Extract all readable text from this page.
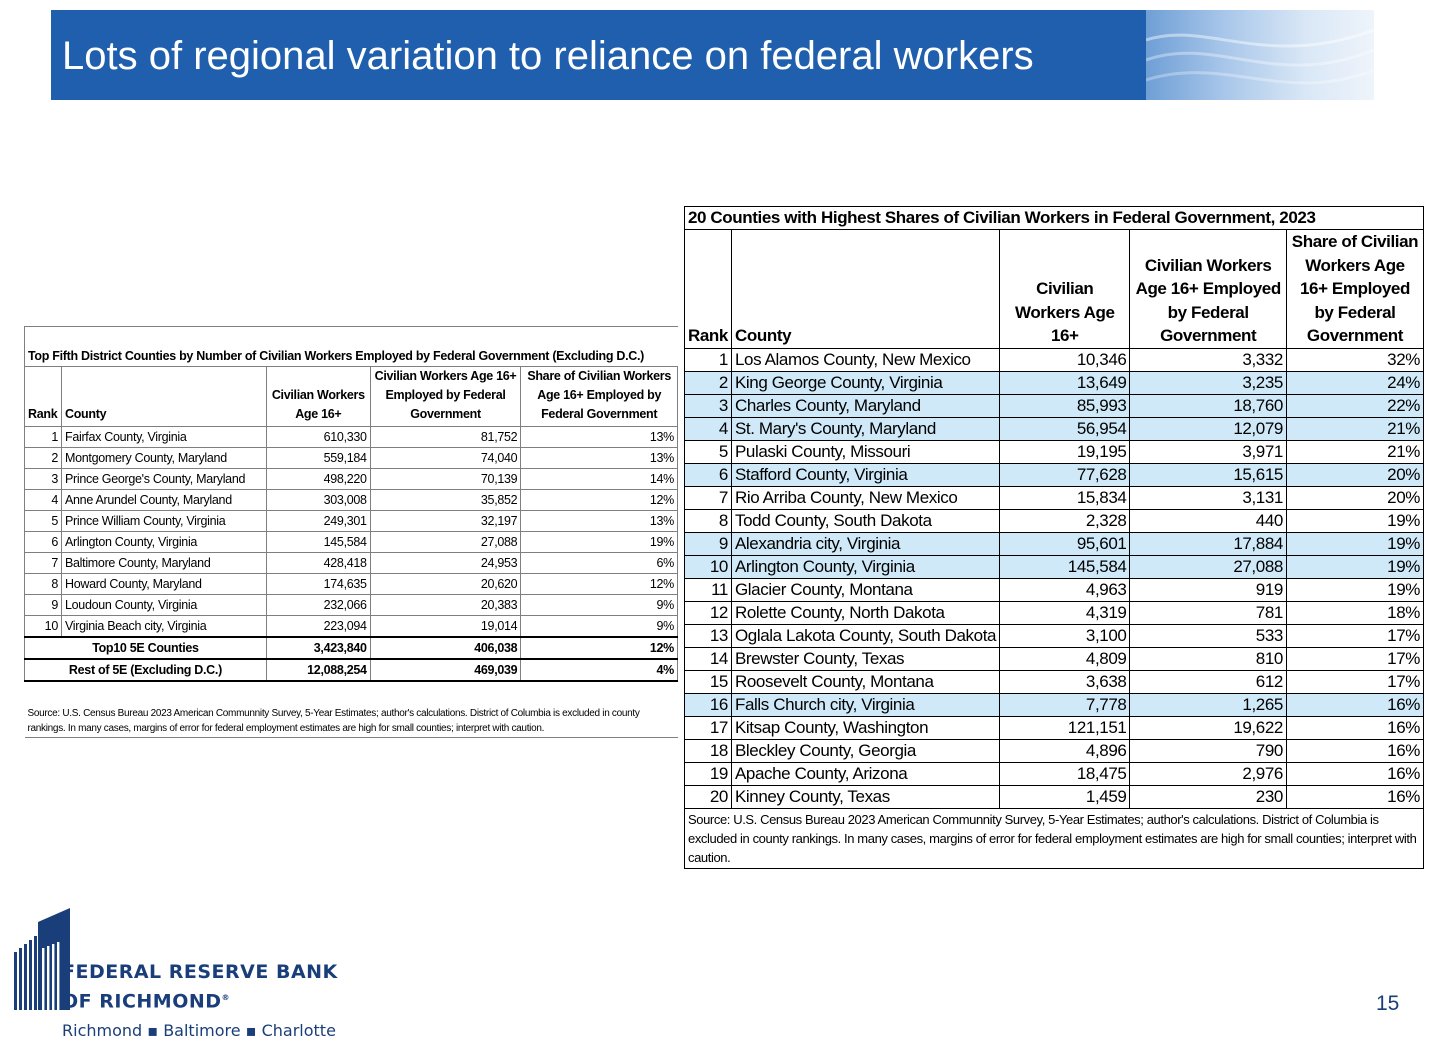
Lots of regional variation to reliance on federal workers
Top Fifth District Counties by Number of Civilian Workers Employed by Federal Government (Excluding D.C.)				
Rank	County	Civilian Workers Age 16+	Civilian Workers Age 16+ Employed by Federal Government	Share of Civilian Workers Age 16+ Employed by Federal Government
1	Fairfax County, Virginia	610,330	81,752	13%
2	Montgomery County, Maryland	559,184	74,040	13%
3	Prince George's County, Maryland	498,220	70,139	14%
4	Anne Arundel County, Maryland	303,008	35,852	12%
5	Prince William County, Virginia	249,301	32,197	13%
6	Arlington County, Virginia	145,584	27,088	19%
7	Baltimore County, Maryland	428,418	24,953	6%
8	Howard County, Maryland	174,635	20,620	12%
9	Loudoun County, Virginia	232,066	20,383	9%
10	Virginia Beach city, Virginia	223,094	19,014	9%
Top10 5E Counties		3,423,840	406,038	12%
Rest of 5E (Excluding D.C.)		12,088,254	469,039	4%
Source: U.S. Census Bureau 2023 American Communnity Survey, 5-Year Estimates; author's calculations. District of Columbia is excluded in county rankings. In many cases, margins of error for federal employment estimates are high for small counties; interpret with caution.				
20 Counties with Highest Shares of Civilian Workers in Federal Government, 2023				
Rank	County	Civilian Workers Age 16+	Civilian Workers Age 16+ Employed by Federal Government	Share of Civilian Workers Age 16+ Employed by Federal Government
1	Los Alamos County, New Mexico	10,346	3,332	32%
2	King George County, Virginia	13,649	3,235	24%
3	Charles County, Maryland	85,993	18,760	22%
4	St. Mary's County, Maryland	56,954	12,079	21%
5	Pulaski County, Missouri	19,195	3,971	21%
6	Stafford County, Virginia	77,628	15,615	20%
7	Rio Arriba County, New Mexico	15,834	3,131	20%
8	Todd County, South Dakota	2,328	440	19%
9	Alexandria city, Virginia	95,601	17,884	19%
10	Arlington County, Virginia	145,584	27,088	19%
11	Glacier County, Montana	4,963	919	19%
12	Rolette County, North Dakota	4,319	781	18%
13	Oglala Lakota County, South Dakota	3,100	533	17%
14	Brewster County, Texas	4,809	810	17%
15	Roosevelt County, Montana	3,638	612	17%
16	Falls Church city, Virginia	7,778	1,265	16%
17	Kitsap County, Washington	121,151	19,622	16%
18	Bleckley County, Georgia	4,896	790	16%
19	Apache County, Arizona	18,475	2,976	16%
20	Kinney County, Texas	1,459	230	16%
Source: U.S. Census Bureau 2023 American Communnity Survey, 5-Year Estimates; author's calculations. District of Columbia is excluded in county rankings. In many cases, margins of error for federal employment estimates are high for small counties; interpret with caution.				
FEDERAL RESERVE BANK
OF RICHMOND®
Richmond ▪ Baltimore ▪ Charlotte
15
